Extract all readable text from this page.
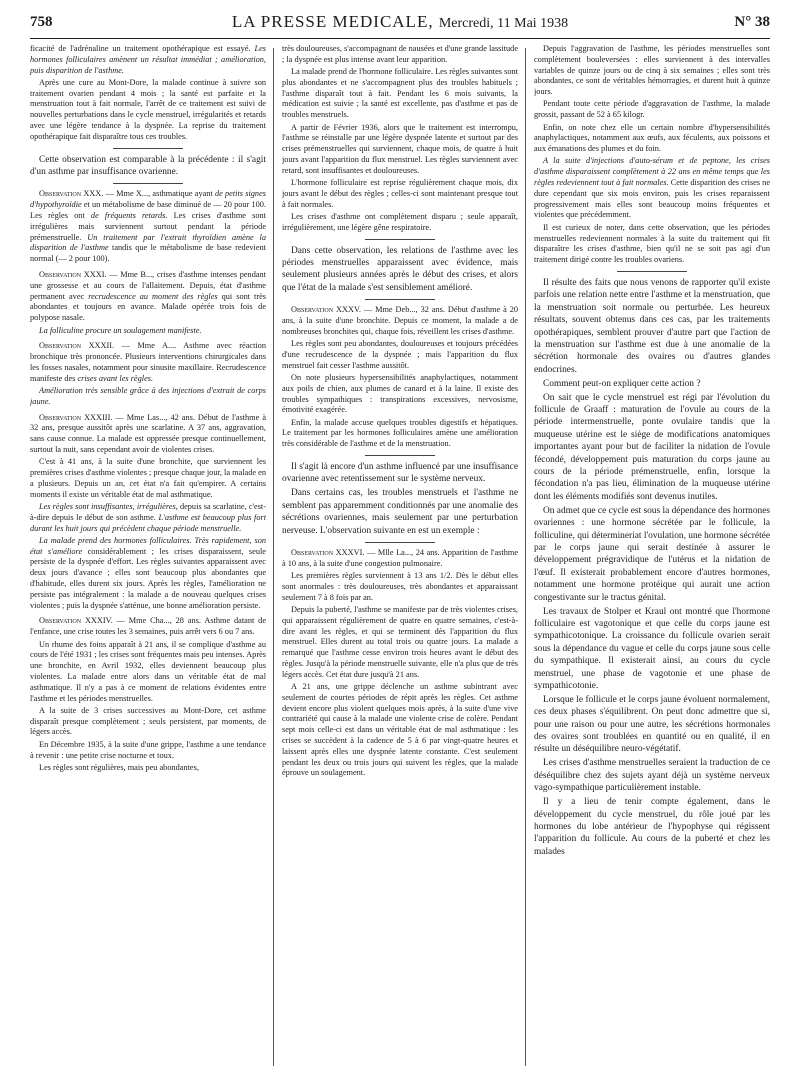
758	LA PRESSE MEDICALE, Mercredi, 11 Mai 1938	N° 38

ficacité de l'adrénaline un traitement opothérapique est essayé. Les hormones folliculaires amènent un résultat immédiat ; amélioration, puis disparition de l'asthme.

Après une cure au Mont-Dore, la malade continue à suivre son traitement ovarien pendant 4 mois ; la santé est parfaite et la menstruation tout à fait normale, l'arrêt de ce traitement est suivi de nouvelles perturbations dans le cycle menstruel, irrégularités et retards avec une légère tendance à la dyspnée. La reprise du traitement opothérapique fait disparaître tous ces troubles.

Cette observation est comparable à la précédente : il s'agit d'un asthme par insuffisance ovarienne.

Observation XXX. — Mme X..., asthmatique ayant de petits signes d'hypothyroïdie et un métabolisme de base diminué de — 20 pour 100. Les règles ont de fréquents retards. Les crises d'asthme sont irrégulières mais surviennent surtout pendant la période prémenstruelle. Un traitement par l'extrait thyroïdien amène la disparition de l'asthme tandis que le métabolisme de base redevient normal (— 2 pour 100).

Observation XXXI. — Mme B..., crises d'asthme intenses pendant une grossesse et au cours de l'allaitement. Depuis, état d'asthme permanent avec recrudescence au moment des règles qui sont très abondantes et toujours en avance. Malade opérée trois fois de polypose nasale.

La folliculine procure un soulagement manifeste.

Observation XXXII. — Mme A.... Asthme avec réaction bronchique très prononcée. Plusieurs interventions chirurgicales dans les fosses nasales, notamment pour sinusite maxillaire. Recrudescence manifeste des crises avant les règles.

Amélioration très sensible grâce à des injections d'extrait de corps jaune.

Observation XXXIII. — Mme Las..., 42 ans. Début de l'asthme à 32 ans, presque aussitôt après une scarlatine. A 37 ans, aggravation, sans cause connue. La malade est oppressée presque continuellement, surtout la nuit, sans cependant avoir de violentes crises.

C'est à 41 ans, à la suite d'une bronchite, que surviennent les premières crises d'asthme violentes ; presque chaque jour, la malade en a plusieurs. Depuis un an, cet état n'a fait qu'empirer. A certains moments il existe un véritable état de mal asthmatique.

Les règles sont insuffisantes, irrégulières, depuis sa scarlatine, c'est-à-dire depuis le début de son asthme. L'asthme est beaucoup plus fort durant les huit jours qui précèdent chaque période menstruelle.

La malade prend des hormones folliculaires. Très rapidement, son état s'améliore considérablement ; les crises disparaissent, seule persiste de la dyspnée d'effort. Les règles suivantes apparaissent avec deux jours d'avance ; elles sont beaucoup plus abondantes que d'habitude, elles durent six jours. Après les règles, l'amélioration ne persiste pas intégralement : la malade a de nouveau quelques crises violentes ; puis la dyspnée s'atténue, une bonne amélioration persiste.

Observation XXXIV. — Mme Cha..., 28 ans. Asthme datant de l'enfance, une crise toutes les 3 semaines, puis arrêt vers 6 ou 7 ans.

Un rhume des foins apparaît à 21 ans, il se complique d'asthme au cours de l'été 1931 ; les crises sont fréquentes mais peu intenses. Après une bronchite, en Avril 1932, elles deviennent beaucoup plus violentes. La malade entre alors dans un véritable état de mal asthmatique. Il n'y a pas à ce moment de relations évidentes entre l'asthme et les périodes menstruelles.

A la suite de 3 crises successives au Mont-Dore, cet asthme disparaît presque complètement ; seuls persistent, par moments, de légers accès.

En Décembre 1935, à la suite d'une grippe, l'asthme a une tendance à revenir : une petite crise nocturne et toux.

Les règles sont régulières, mais peu abondantes,

très douloureuses, s'accompagnant de nausées et d'une grande lassitude ; la dyspnée est plus intense avant leur apparition.

La malade prend de l'hormone folliculaire. Les règles suivantes sont plus abondantes et ne s'accompagnent plus des troubles habituels ; l'asthme disparaît tout à fait. Pendant les 6 mois suivants, la médication est suivie ; la santé est excellente, pas d'asthme et pas de troubles menstruels.

A partir de Février 1936, alors que le traitement est interrompu, l'asthme se réinstalle par une légère dyspnée latente et surtout par des crises prémenstruelles qui surviennent, chaque mois, de quatre à huit jours avant l'apparition du flux menstruel. Les règles surviennent avec retard, sont insuffisantes et douloureuses.

L'hormone folliculaire est reprise régulièrement chaque mois, dix jours avant le début des règles ; celles-ci sont maintenant presque tout à fait normales.

Les crises d'asthme ont complètement disparu ; seule apparaît, irrégulièrement, une légère gêne respiratoire.

Dans cette observation, les relations de l'asthme avec les périodes menstruelles apparaissent avec évidence, mais seulement plusieurs années après le début des crises, et alors que l'état de la malade s'est sensiblement amélioré.

Observation XXXV. — Mme Deb..., 32 ans. Début d'asthme à 20 ans, à la suite d'une bronchite. Depuis ce moment, la malade a de nombreuses bronchites qui, chaque fois, réveillent les crises d'asthme.

Les règles sont peu abondantes, douloureuses et toujours précédées d'une recrudescence de la dyspnée ; mais l'apparition du flux menstruel fait cesser l'asthme aussitôt.

On note plusieurs hypersensibilités anaphylactiques, notamment aux poils de chien, aux plumes de canard et à la laine. Il existe des troubles sympathiques : transpirations excessives, nervosisme, émotivité exagérée.

Enfin, la malade accuse quelques troubles digestifs et hépatiques. Le traitement par les hormones folliculaires amène une amélioration très considérable de l'asthme et de la menstruation.

Il s'agit là encore d'un asthme influencé par une insuffisance ovarienne avec retentissement sur le système nerveux.

Dans certains cas, les troubles menstruels et l'asthme ne semblent pas apparemment conditionnés par une anomalie des sécrétions ovariennes, mais seulement par une perturbation nerveuse. L'observation suivante en est un exemple :

Observation XXXVI. — Mlle La..., 24 ans. Apparition de l'asthme à 10 ans, à la suite d'une congestion pulmonaire.

Les premières règles surviennent à 13 ans 1/2. Dès le début elles sont anormales : très douloureuses, très abondantes et apparaissant seulement 7 à 8 fois par an.

Depuis la puberté, l'asthme se manifeste par de très violentes crises, qui apparaissent régulièrement de quatre en quatre semaines, c'est-à-dire avant les règles, et qui se terminent dès l'apparition du flux menstruel. Elles durent au total trois ou quatre jours. La malade a remarqué que l'asthme cesse environ trois heures avant le début des règles. Jusqu'à la période menstruelle suivante, elle n'a plus que de très légers accès. Cet état dure jusqu'à 21 ans.

A 21 ans, une grippe déclenche un asthme subintrant avec seulement de courtes périodes de répit après les règles. Cet asthme devient encore plus violent quelques mois après, à la suite d'une vive contrariété qui cause à la malade une violente crise de colère. Pendant sept mois celle-ci est dans un véritable état de mal asthmatique : les crises se succèdent à la cadence de 5 à 6 par vingt-quatre heures et laissent après elles une dyspnée latente constante. C'est seulement pendant les deux ou trois jours qui suivent les règles, que la malade éprouve un soulagement.

Depuis l'aggravation de l'asthme, les périodes menstruelles sont complètement bouleversées : elles surviennent à des intervalles variables de quinze jours ou de cinq à six semaines ; elles sont très abondantes, ce sont de véritables hémorragies, et durent huit à quinze jours.

Pendant toute cette période d'aggravation de l'asthme, la malade grossit, passant de 52 à 65 kilogr.

Enfin, on note chez elle un certain nombre d'hypersensibilités anaphylactiques, notamment aux œufs, aux féculents, aux poissons et aux émanations des plumes et du foin.

A la suite d'injections d'auto-sérum et de peptone, les crises d'asthme disparaissent complètement à 22 ans en même temps que les règles redeviennent tout à fait normales. Cette disparition des crises ne dure cependant que six mois environ, puis les crises reparaissent progressivement mais elles sont beaucoup moins fréquentes et violentes que précédemment.

Il est curieux de noter, dans cette observation, que les périodes menstruelles redeviennent normales à la suite du traitement qui fit disparaître les crises d'asthme, bien qu'il ne se soit pas agi d'un traitement dirigé contre les troubles ovariens.

Il résulte des faits que nous venons de rapporter qu'il existe parfois une relation nette entre l'asthme et la menstruation, que la menstruation soit normale ou perturbée. Les heureux résultats, souvent obtenus dans ces cas, par les traitements opothérapiques, semblent prouver d'autre part que l'action de la menstruation sur l'asthme est due à une anomalie de la sécrétion hormonale des ovaires ou d'autres glandes endocrines.

Comment peut-on expliquer cette action ?

On sait que le cycle menstruel est régi par l'évolution du follicule de Graaff : maturation de l'ovule au cours de la période intermenstruelle, ponte ovulaire tandis que la muqueuse utérine est le siège de modifications anatomiques importantes ayant pour but de faciliter la nidation de l'ovule fécondé, développement puis maturation du corps jaune au cours de la période prémenstruelle, enfin, lorsque la fécondation n'a pas lieu, élimination de la muqueuse utérine dont les éléments modifiés sont devenus inutiles.

On admet que ce cycle est sous la dépendance des hormones ovariennes : une hormone sécrétée par le follicule, la folliculine, qui détermineriat l'ovulation, une hormone sécrétée par le corps jaune qui serait destinée à assurer le développement prégravidique de l'utérus et la nidation de l'œuf. Il existerait probablement encore d'autres hormones, notamment une hormone protéique qui aurait une action congestivante sur le tractus génital.

Les travaux de Stolper et Kraul ont montré que l'hormone folliculaire est vagotonique et que celle du corps jaune est sympathicotonique. La croissance du follicule ovarien serait sous la dépendance du vague et celle du corps jaune sous celle du sympathique. Il existerait ainsi, au cours du cycle menstruel, une phase de vagotonie et une phase de sympathicotonie.

Lorsque le follicule et le corps jaune évoluent normalement, ces deux phases s'équilibrent. On peut donc admettre que si, pour une raison ou pour une autre, les sécrétions hormonales des ovaires sont troublées en quantité ou en qualité, il en résulte un déséquilibre neuro-végétatif.

Les crises d'asthme menstruelles seraient la traduction de ce déséquilibre chez des sujets ayant déjà un système nerveux vago-sympathique particulièrement instable.

Il y a lieu de tenir compte également, dans le développement du cycle menstruel, du rôle joué par les hormones du lobe antérieur de l'hypophyse qui régissent l'apparition du follicule. Au cours de la puberté et chez les malades
